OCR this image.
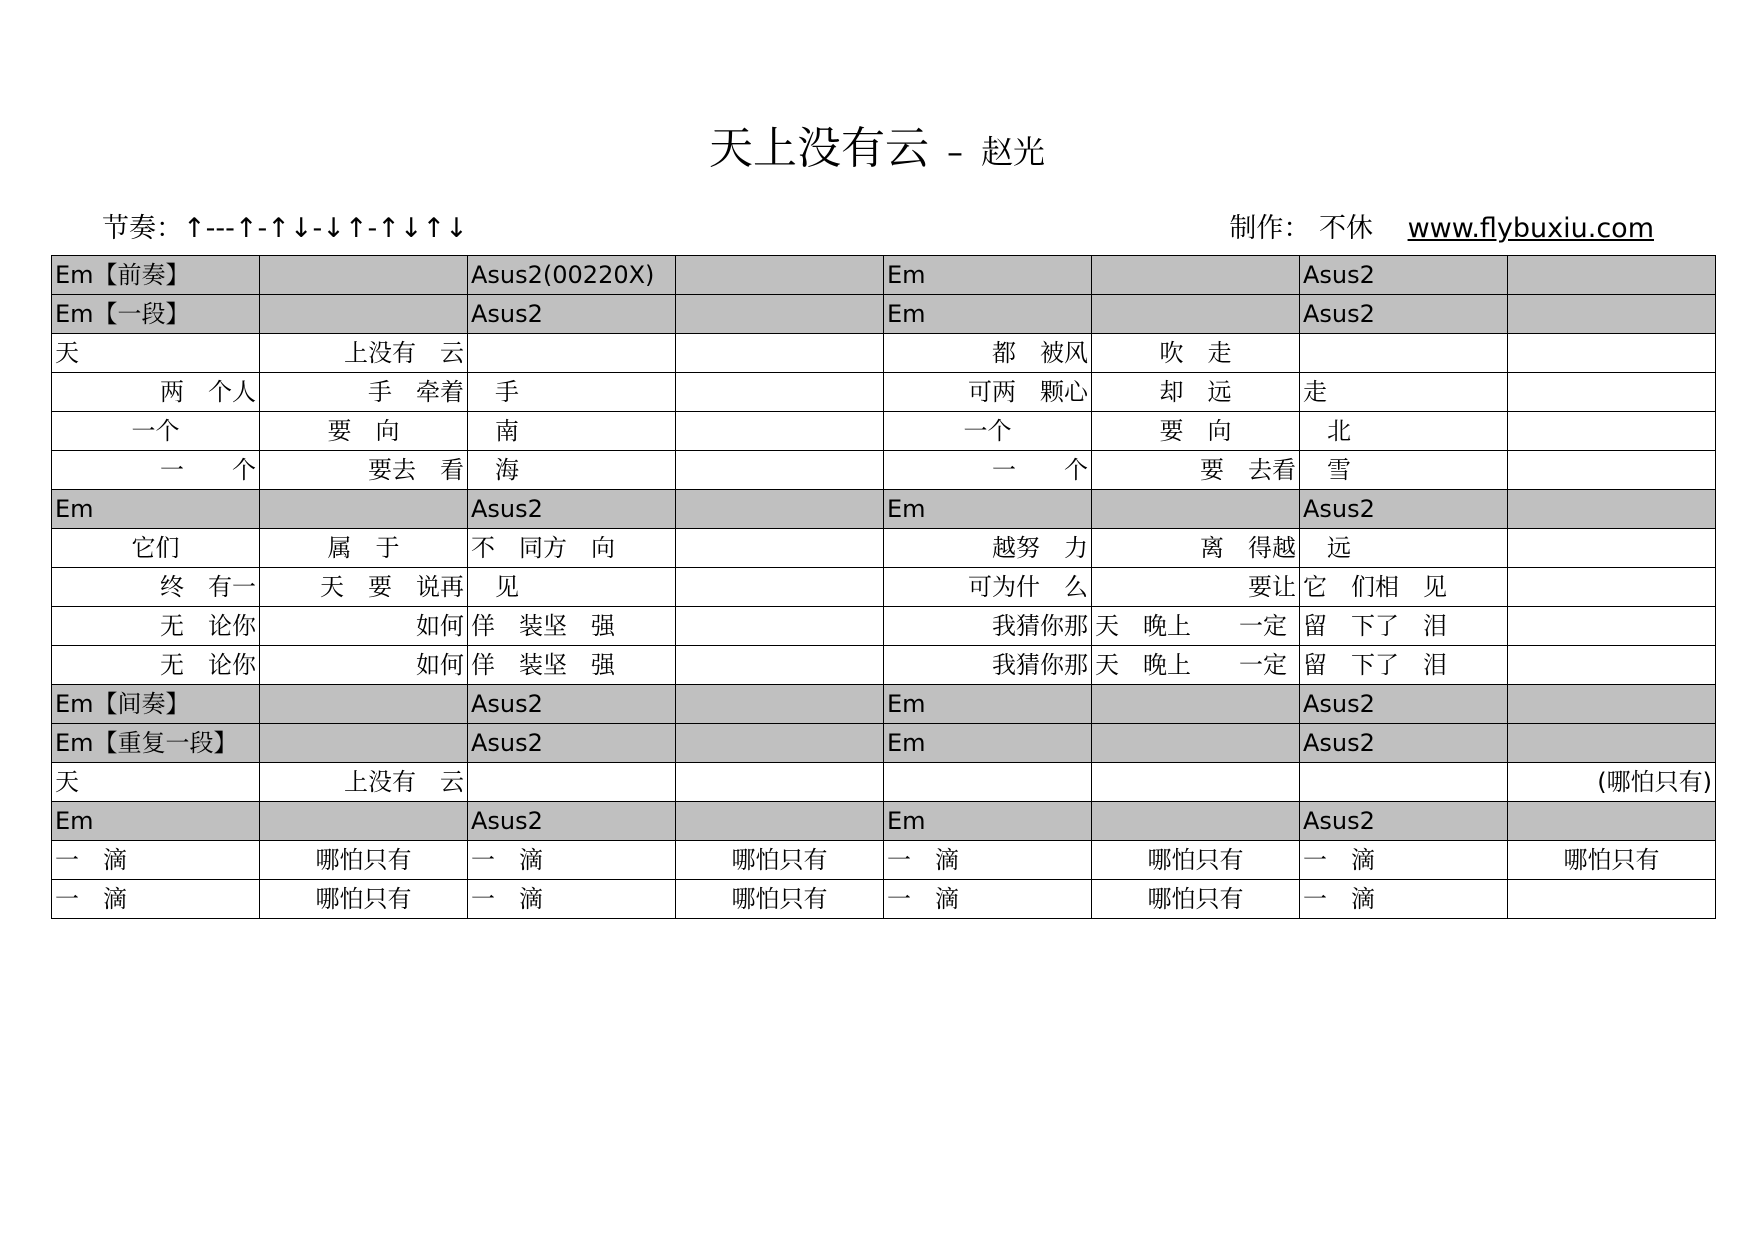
天上没有云 – 赵光
节奏：↑---↑-↑↓-↓↑-↑↓↑↓	制作： 不休 www.flybuxiu.com
Em【前奏】		Asus2(00220X)		Em		Asus2	
Em【一段】		Asus2		Em		Asus2	
天	上没有　云			都　被风	吹　走		
两　个人	手　牵着	　手		可两　颗心	却　远	走	
一个	要　向	　南		一个	要　向	　北	
一　　个	要去　看	　海		一　　个	要　去看	　雪	
Em		Asus2		Em		Asus2	
它们	属　于	不　同方　向		越努　力	离　得越	　远	
终　有一	天　要　说再	　见		可为什　么	要让	它　们相　见	
无　论你	如何	佯　装坚　强		我猜你那	天　晚上　　一定	留　下了　泪	
无　论你	如何	佯　装坚　强		我猜你那	天　晚上　　一定	留　下了　泪	
Em【间奏】		Asus2		Em		Asus2	
Em【重复一段】		Asus2		Em		Asus2	
天	上没有　云						(哪怕只有)
Em		Asus2		Em		Asus2	
一　滴	哪怕只有	一　滴	哪怕只有	一　滴	哪怕只有	一　滴	哪怕只有
一　滴	哪怕只有	一　滴	哪怕只有	一　滴	哪怕只有	一　滴	
